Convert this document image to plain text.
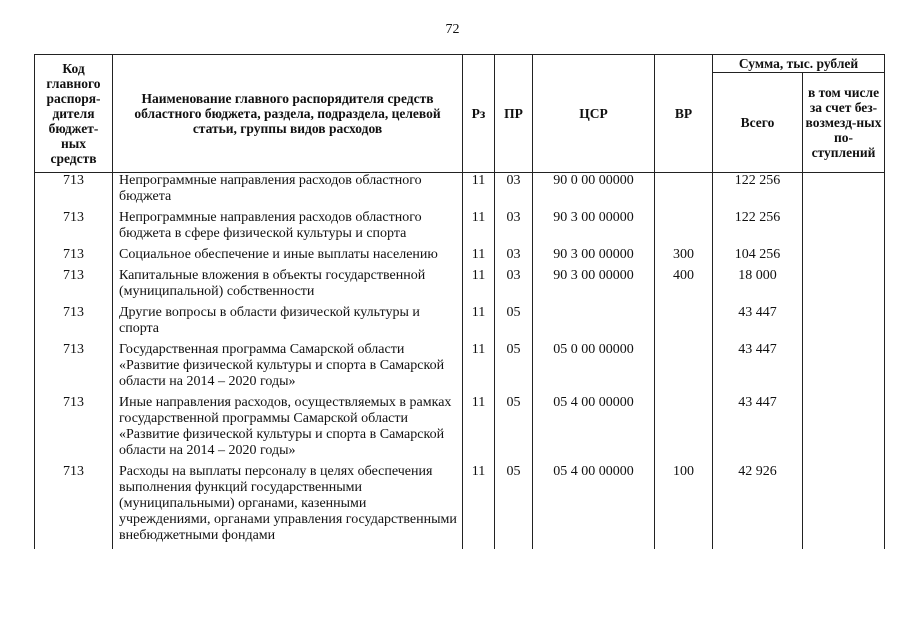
72
Код главного распоря-дителя бюджет-ных средств	Наименование главного распорядителя средств областного бюджета, раздела, подраздела, целевой статьи, группы видов расходов	Рз	ПР	ЦСР	ВР	Сумма, тыс. рублей	
						Всего	в том числе за счет без-возмезд-ных по-ступлений
713	Непрограммные направления расходов областного бюджета	11	03	90 0 00 00000		122 256	
713	Непрограммные направления расходов областного бюджета в сфере физической культуры и спорта	11	03	90 3 00 00000		122 256	
713	Социальное обеспечение и иные выплаты населению	11	03	90 3 00 00000	300	104 256	
713	Капитальные вложения в объекты государственной (муниципальной) собственности	11	03	90 3 00 00000	400	18 000	
713	Другие вопросы в области физической культуры и спорта	11	05			43 447	
713	Государственная программа Самарской области «Развитие физической культуры и спорта в Самарской области на 2014 – 2020 годы»	11	05	05 0 00 00000		43 447	
713	Иные направления расходов, осуществляемых в рамках государственной программы Самарской области «Развитие физической культуры и спорта в Самарской области на 2014 – 2020 годы»	11	05	05 4 00 00000		43 447	
713	Расходы на выплаты персоналу в целях обеспечения выполнения функций государственными (муниципальными) органами, казенными учреждениями, органами управления государственными внебюджетными фондами	11	05	05 4 00 00000	100	42 926	
